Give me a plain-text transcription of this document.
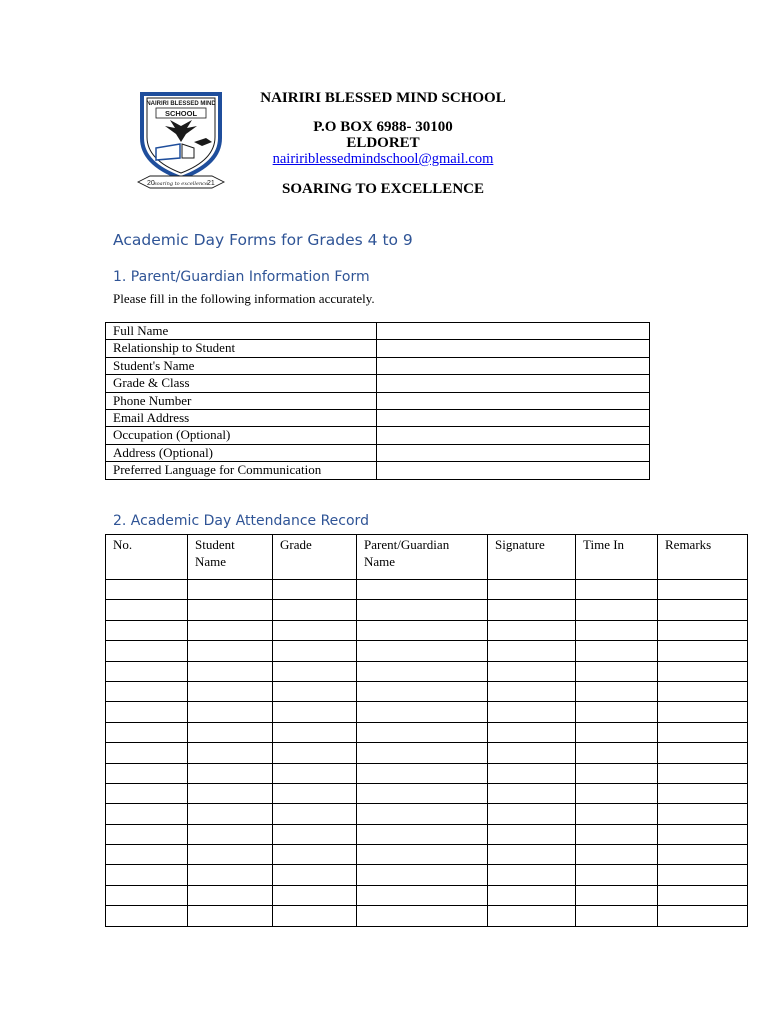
NAIRIRI BLESSED MIND
SCHOOL
20	21
soaring to excellence
NAIRIRI BLESSED MIND SCHOOL
P.O BOX 6988- 30100
ELDORET
naiririblessedmindschool@gmail.com
SOARING TO EXCELLENCE
Academic Day Forms for Grades 4 to 9
1. Parent/Guardian Information Form
Please fill in the following information accurately.
Full Name	
Relationship to Student	
Student's Name	
Grade & Class	
Phone Number	
Email Address	
Occupation (Optional)	
Address (Optional)	
Preferred Language for Communication	
2. Academic Day Attendance Record
No.	Student Name	Grade	Parent/Guardian Name	Signature	Time In	Remarks
